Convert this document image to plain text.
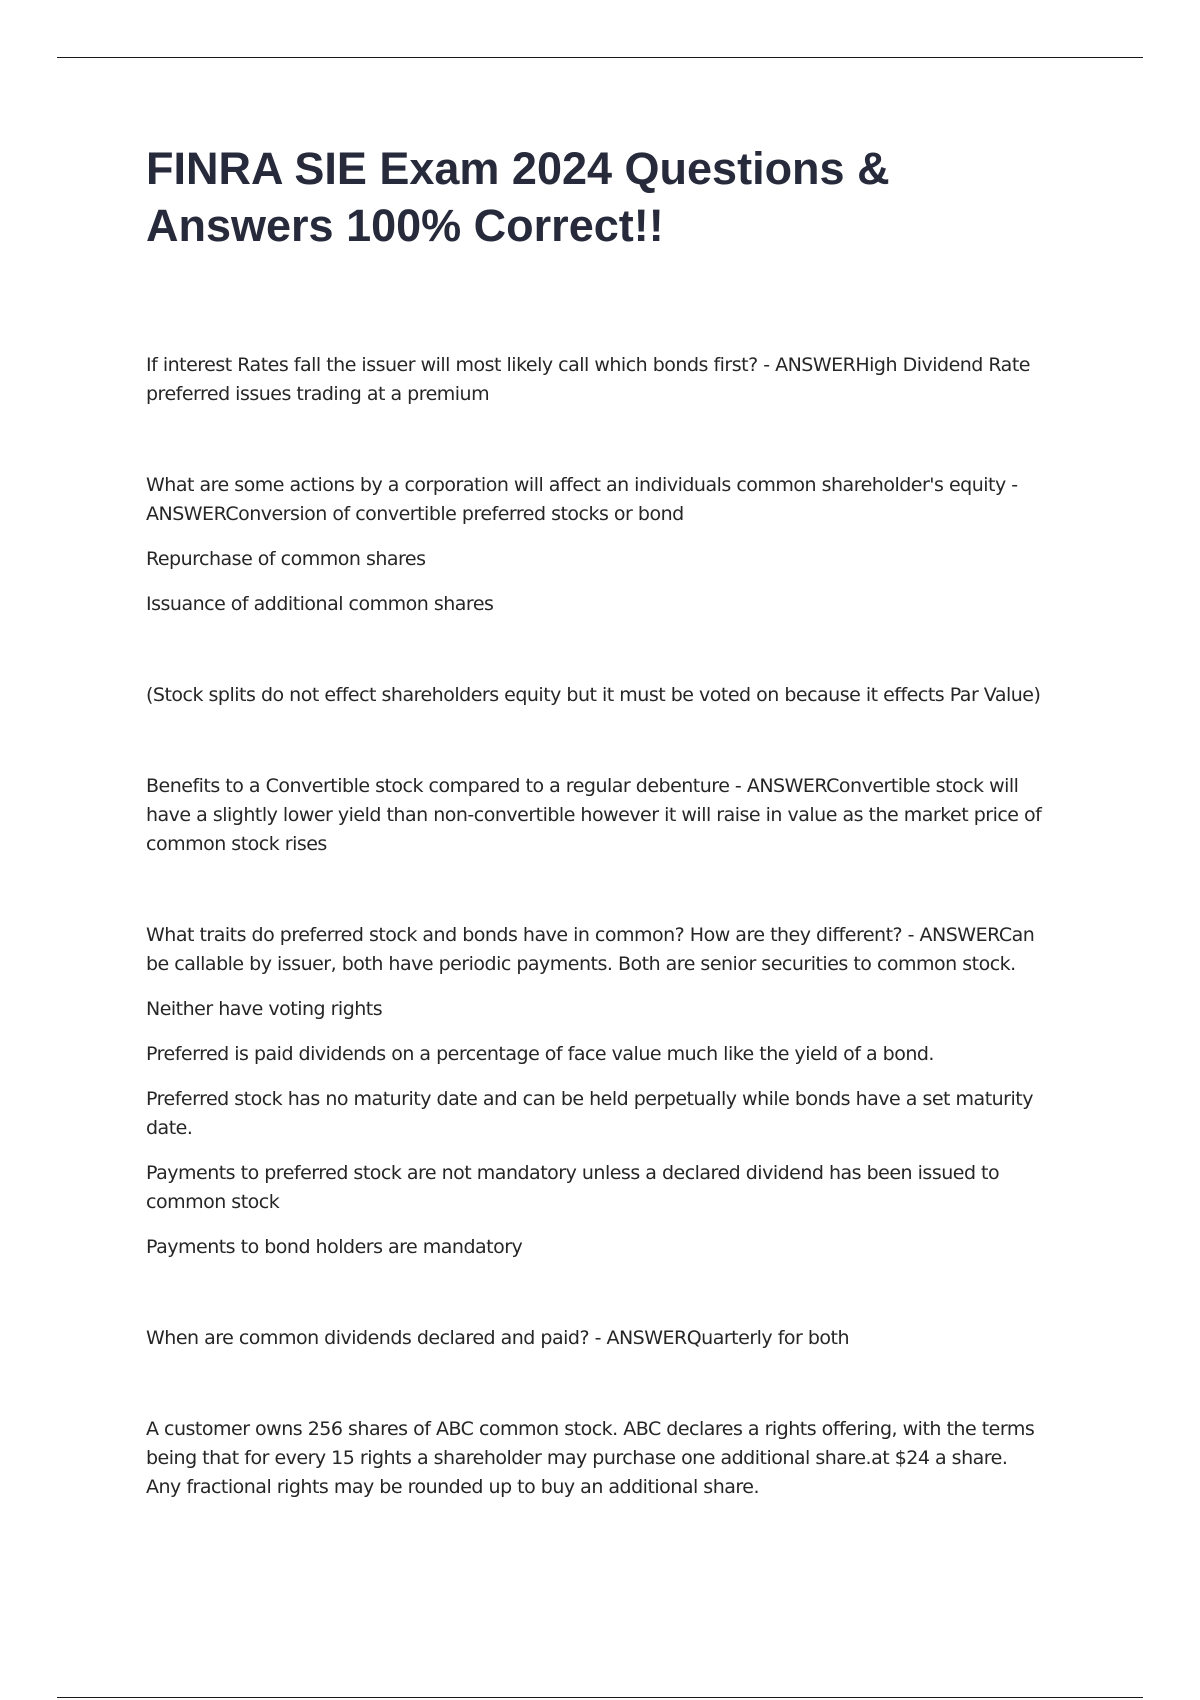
FINRA SIE Exam 2024 Questions & Answers 100% Correct!!

If interest Rates fall the issuer will most likely call which bonds first? - ANSWERHigh Dividend Rate preferred issues trading at a premium

What are some actions by a corporation will affect an individuals common shareholder's equity - ANSWERConversion of convertible preferred stocks or bond

Repurchase of common shares

Issuance of additional common shares

(Stock splits do not effect shareholders equity but it must be voted on because it effects Par Value)

Benefits to a Convertible stock compared to a regular debenture - ANSWERConvertible stock will have a slightly lower yield than non-convertible however it will raise in value as the market price of common stock rises

What traits do preferred stock and bonds have in common? How are they different? - ANSWERCan be callable by issuer, both have periodic payments. Both are senior securities to common stock.

Neither have voting rights

Preferred is paid dividends on a percentage of face value much like the yield of a bond.

Preferred stock has no maturity date and can be held perpetually while bonds have a set maturity date.

Payments to preferred stock are not mandatory unless a declared dividend has been issued to common stock

Payments to bond holders are mandatory

When are common dividends declared and paid? - ANSWERQuarterly for both

A customer owns 256 shares of ABC common stock. ABC declares a rights offering, with the terms being that for every 15 rights a shareholder may purchase one additional share.at $24 a share. Any fractional rights may be rounded up to buy an additional share.
